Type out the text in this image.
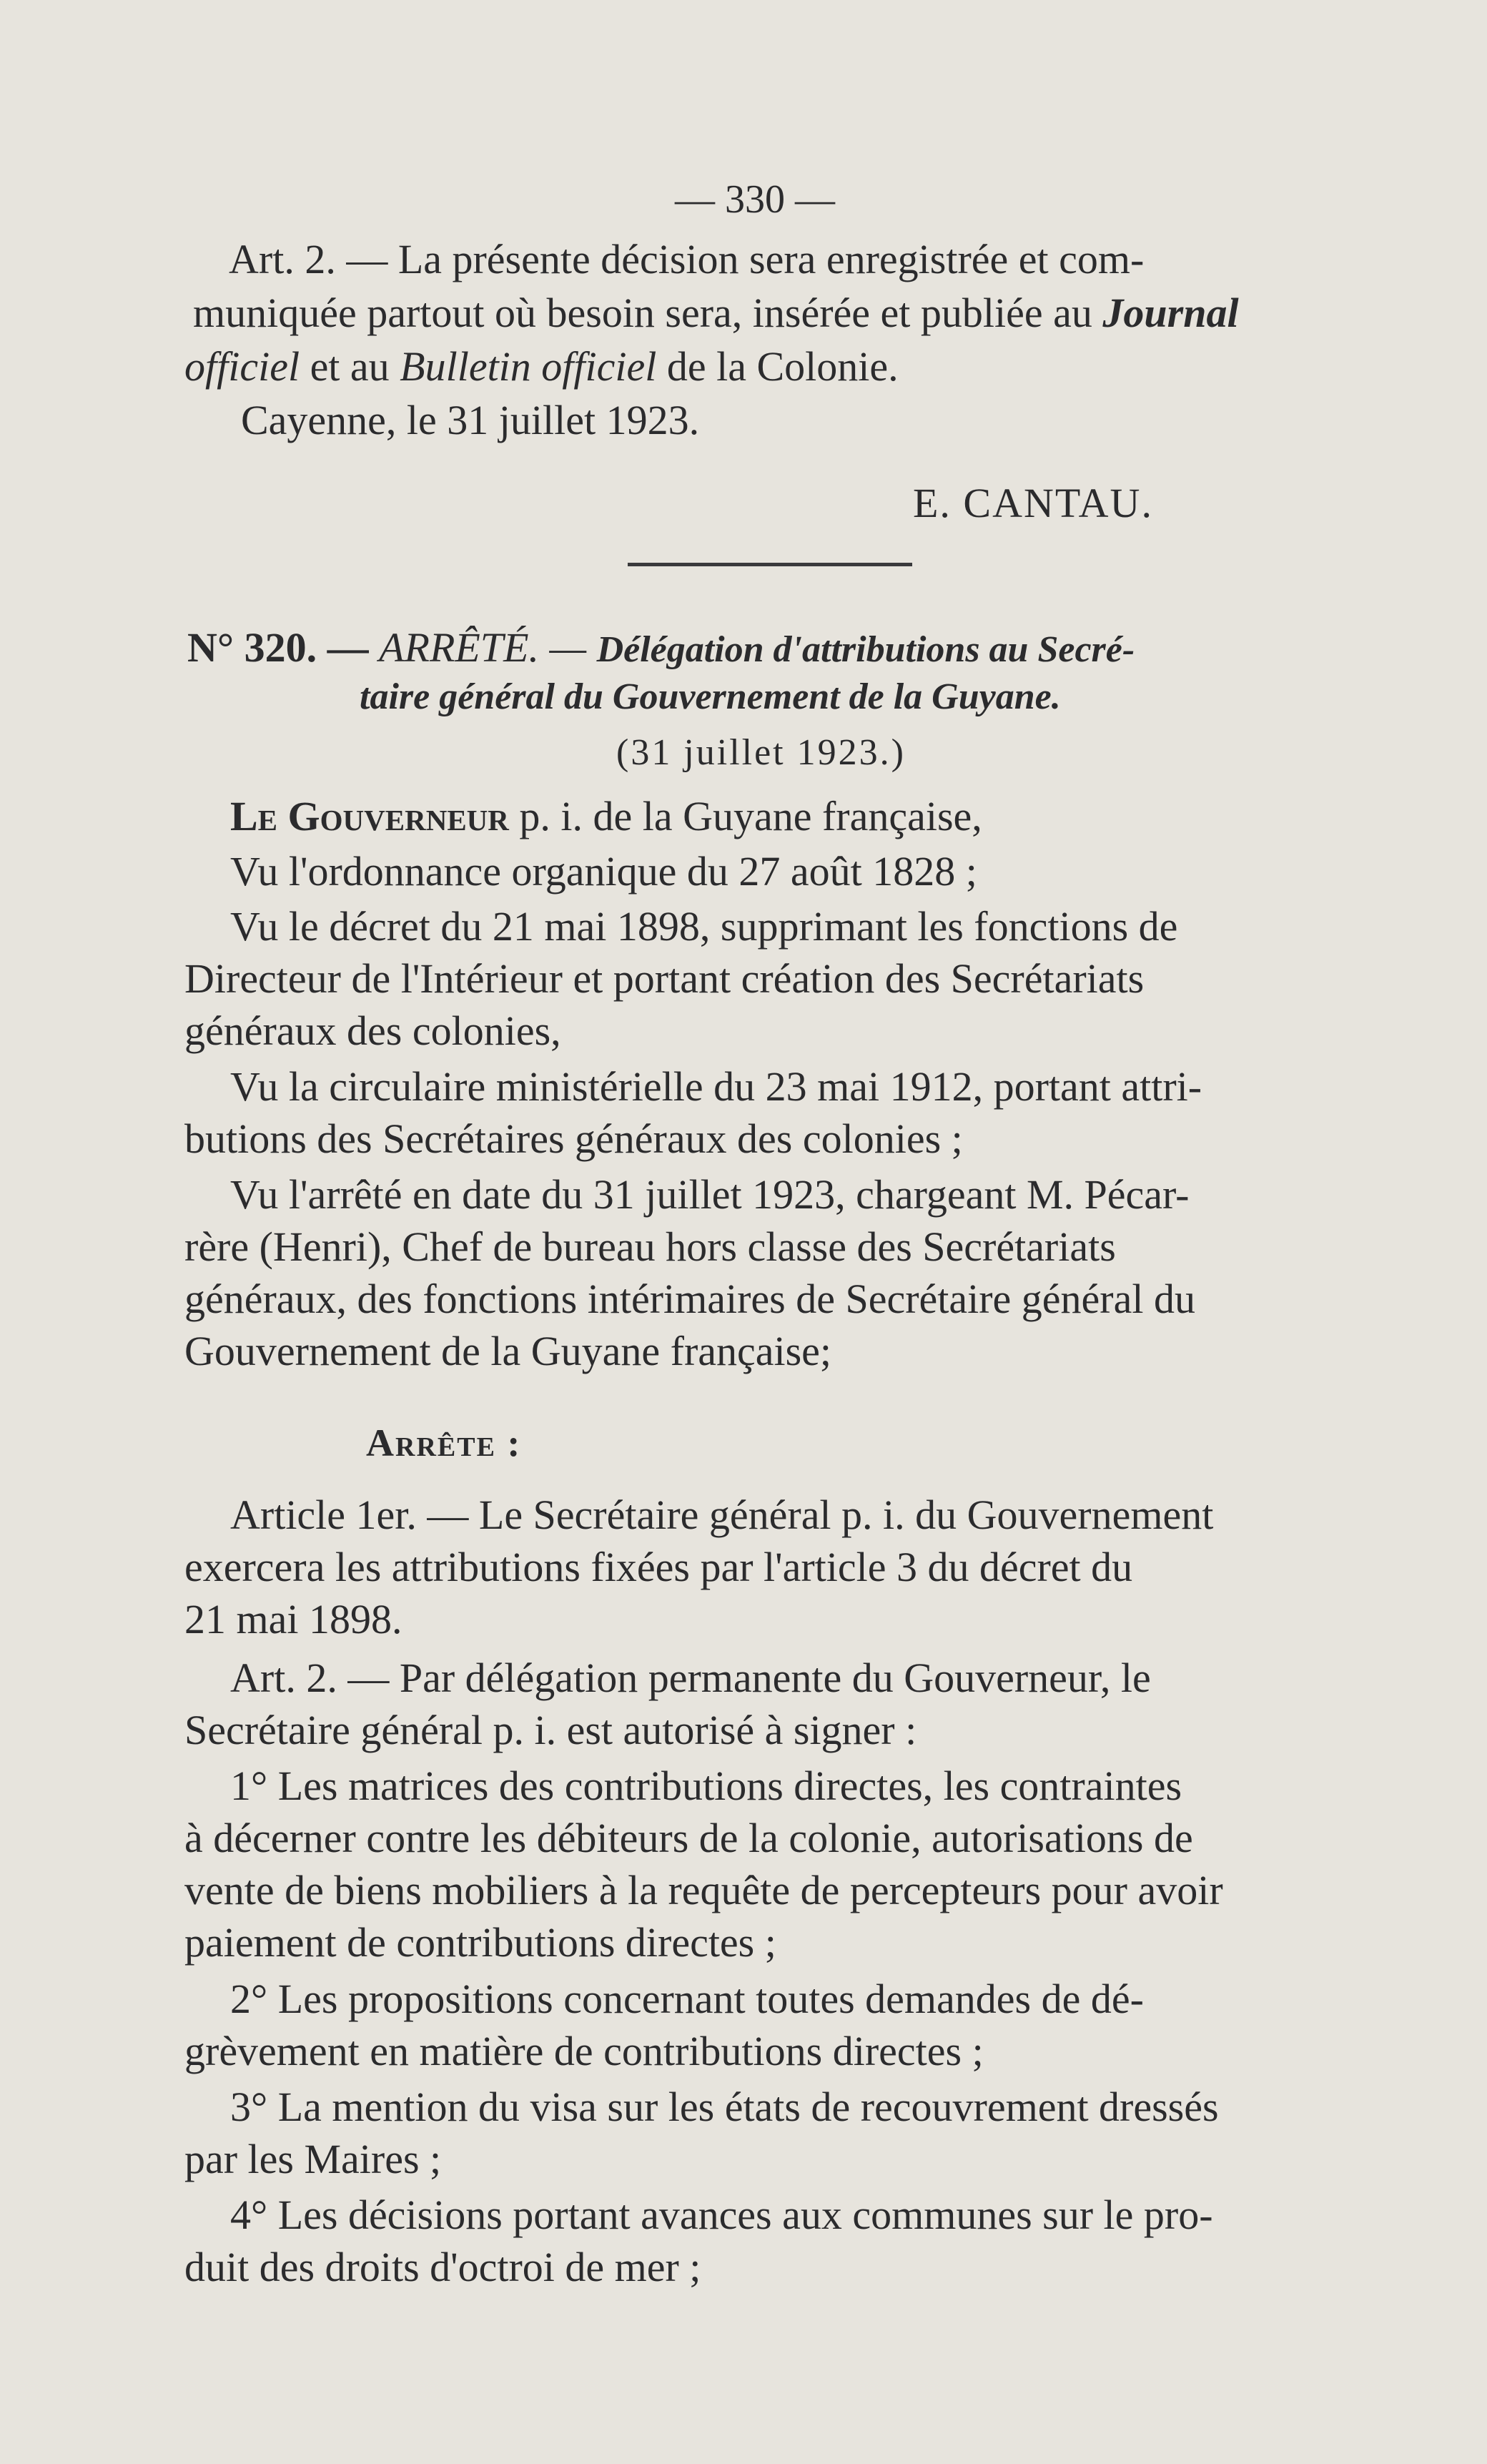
— 330 —
Art. 2. — La présente décision sera enregistrée et com-
muniquée partout où besoin sera, insérée et publiée au Journal
officiel et au Bulletin officiel de la Colonie.
Cayenne, le 31 juillet 1923.
E. CANTAU.
N° 320. — ARRÊTÉ. — Délégation d'attributions au Secré-
taire général du Gouvernement de la Guyane.
(31 juillet 1923.)
Le Gouverneur p. i. de la Guyane française,
Vu l'ordonnance organique du 27 août 1828 ;
Vu le décret du 21 mai 1898, supprimant les fonctions de
Directeur de l'Intérieur et portant création des Secrétariats
généraux des colonies,
Vu la circulaire ministérielle du 23 mai 1912, portant attri-
butions des Secrétaires généraux des colonies ;
Vu l'arrêté en date du 31 juillet 1923, chargeant M. Pécar-
rère (Henri), Chef de bureau hors classe des Secrétariats
généraux, des fonctions intérimaires de Secrétaire général du
Gouvernement de la Guyane française;
Arrête :
Article 1er. — Le Secrétaire général p. i. du Gouvernement
exercera les attributions fixées par l'article 3 du décret du
21 mai 1898.
Art. 2. — Par délégation permanente du Gouverneur, le
Secrétaire général p. i. est autorisé à signer :
1° Les matrices des contributions directes, les contraintes
à décerner contre les débiteurs de la colonie, autorisations de
vente de biens mobiliers à la requête de percepteurs pour avoir
paiement de contributions directes ;
2° Les propositions concernant toutes demandes de dé-
grèvement en matière de contributions directes ;
3° La mention du visa sur les états de recouvrement dressés
par les Maires ;
4° Les décisions portant avances aux communes sur le pro-
duit des droits d'octroi de mer ;
